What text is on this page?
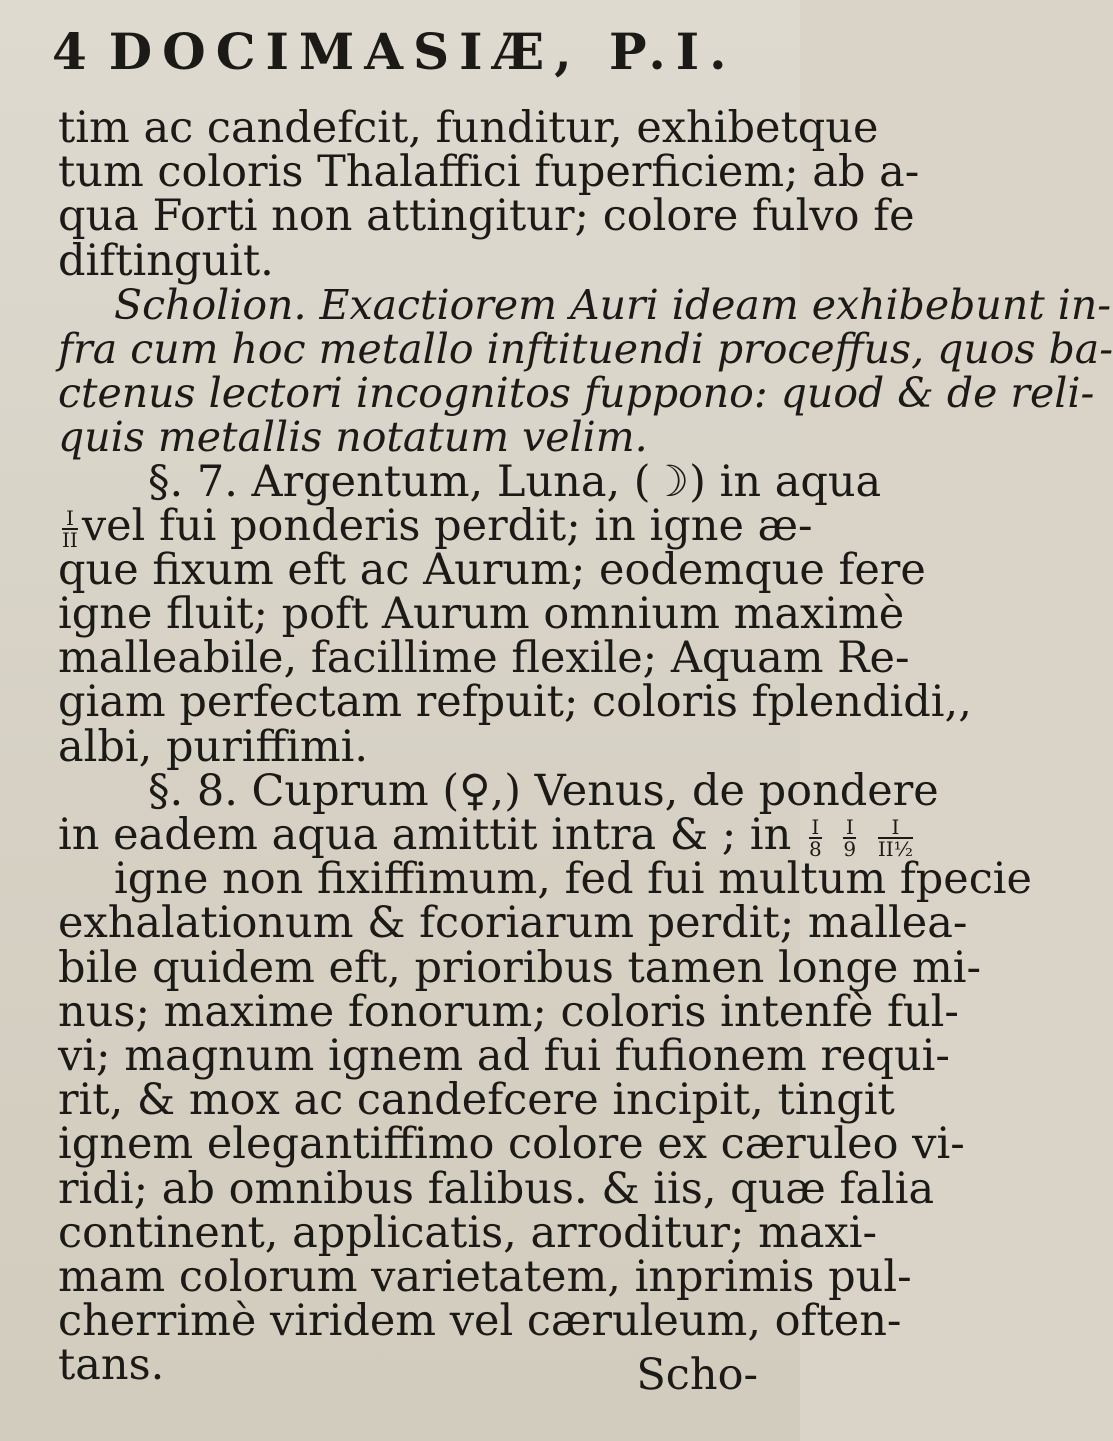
4 DOCIMASIÆ, P.I.
tim ac candefcit, funditur, exhibetque
tum coloris Thalaffici fuperficiem; ab a-
qua Forti non attingitur; colore fulvo fe
diftinguit.
Scholion. Exactiorem Auri ideam exhibebunt in-
fra cum hoc metallo inftituendi proceffus, quos ba-
ctenus lectori incognitos fuppono: quod & de reli-
quis metallis notatum velim.
§. 7. Argentum, Luna, (☽) in aqua
$\frac{I}{II}$ vel fui ponderis perdit; in igne æ-
que fixum eft ac Aurum; eodemque fere
igne fluit; poft Aurum omnium maximè
malleabile, facillime flexile; Aquam Re-
giam perfectam refpuit; coloris fplendidi,,
albi, puriffimi.
§. 8. Cuprum (♀,) Venus, de pondere
in eadem aqua amittit intra & ; in $\frac{I}{8}$
$\frac{I}{9}$
$\frac{I}{\text{II½}}$
igne non fixiffimum, fed fui multum fpecie
exhalationum & fcoriarum perdit; mallea-
bile quidem eft, prioribus tamen longe mi-
nus; maxime fonorum; coloris intenfè ful-
vi; magnum ignem ad fui fufionem requi-
rit, & mox ac candefcere incipit, tingit
ignem elegantiffimo colore ex cæruleo vi-
ridi; ab omnibus falibus. & iis, quæ falia
continent, applicatis, arroditur; maxi-
mam colorum varietatem, inprimis pul-
cherrimè viridem vel cæruleum, often-
tans.	Scho-
